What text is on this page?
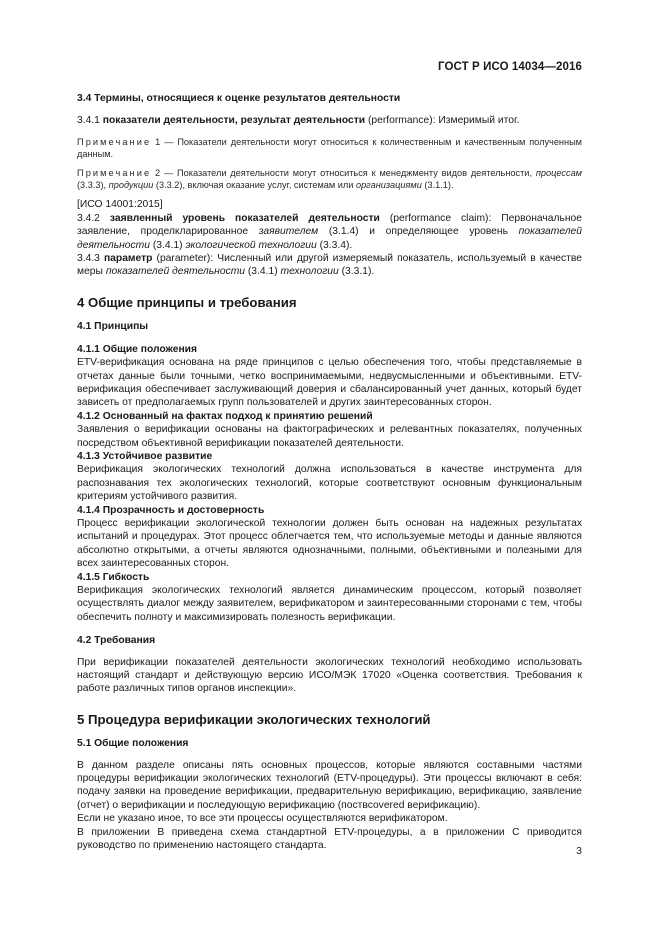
ГОСТ Р ИСО 14034—2016

3.4 Термины, относящиеся к оценке результатов деятельности

3.4.1 показатели деятельности, результат деятельности (performance): Измеримый итог.

Примечание 1 — Показатели деятельности могут относиться к количественным и качественным полученным данным.

Примечание 2 — Показатели деятельности могут относиться к менеджменту видов деятельности, процессам (3.3.3), продукции (3.3.2), включая оказание услуг, системам или организациями (3.1.1).

[ИСО 14001:2015]

3.4.2 заявленный уровень показателей деятельности (performance claim): Первоначальное заявление, проделкларированное заявителем (3.1.4) и определяющее уровень показателей деятельности (3.4.1) экологической технологии (3.3.4).

3.4.3 параметр (parameter): Численный или другой измеряемый показатель, используемый в качестве меры показателей деятельности (3.4.1) технологии (3.3.1).

4 Общие принципы и требования

4.1 Принципы

4.1.1 Общие положения

ETV-верификация основана на ряде принципов с целью обеспечения того, чтобы представляемые в отчетах данные были точными, четко воспринимаемыми, недвусмысленными и объективными. ETV-верификация обеспечивает заслуживающий доверия и сбалансированный учет данных, который будет зависеть от предполагаемых групп пользователей и других заинтересованных сторон.

4.1.2 Основанный на фактах подход к принятию решений

Заявления о верификации основаны на фактографических и релевантных показателях, полученных посредством объективной верификации показателей деятельности.

4.1.3 Устойчивое развитие

Верификация экологических технологий должна использоваться в качестве инструмента для распознавания тех экологических технологий, которые соответствуют основным функциональным критериям устойчивого развития.

4.1.4 Прозрачность и достоверность

Процесс верификации экологической технологии должен быть основан на надежных результатах испытаний и процедурах. Этот процесс облегчается тем, что используемые методы и данные являются абсолютно открытыми, а отчеты являются однозначными, полными, объективными и полезными для всех заинтересованных сторон.

4.1.5 Гибкость

Верификация экологических технологий является динамическим процессом, который позволяет осуществлять диалог между заявителем, верификатором и заинтересованными сторонами с тем, чтобы обеспечить полноту и максимизировать полезность верификации.

4.2 Требования

При верификации показателей деятельности экологических технологий необходимо использовать настоящий стандарт и действующую версию ИСО/МЭК 17020 «Оценка соответствия. Требования к работе различных типов органов инспекции».

5 Процедура верификации экологических технологий

5.1 Общие положения

В данном разделе описаны пять основных процессов, которые являются составными частями процедуры верификации экологических технологий (ETV-процедуры). Эти процессы включают в себя: подачу заявки на проведение верификации, предварительную верификацию, верификацию, заявление (отчет) о верификации и последующую верификацию (поствcovered верификацию).

Если не указано иное, то все эти процессы осуществляются верификатором.

В приложении В приведена схема стандартной ETV-процедуры, а в приложении С приводится руководство по применению настоящего стандарта.	3
